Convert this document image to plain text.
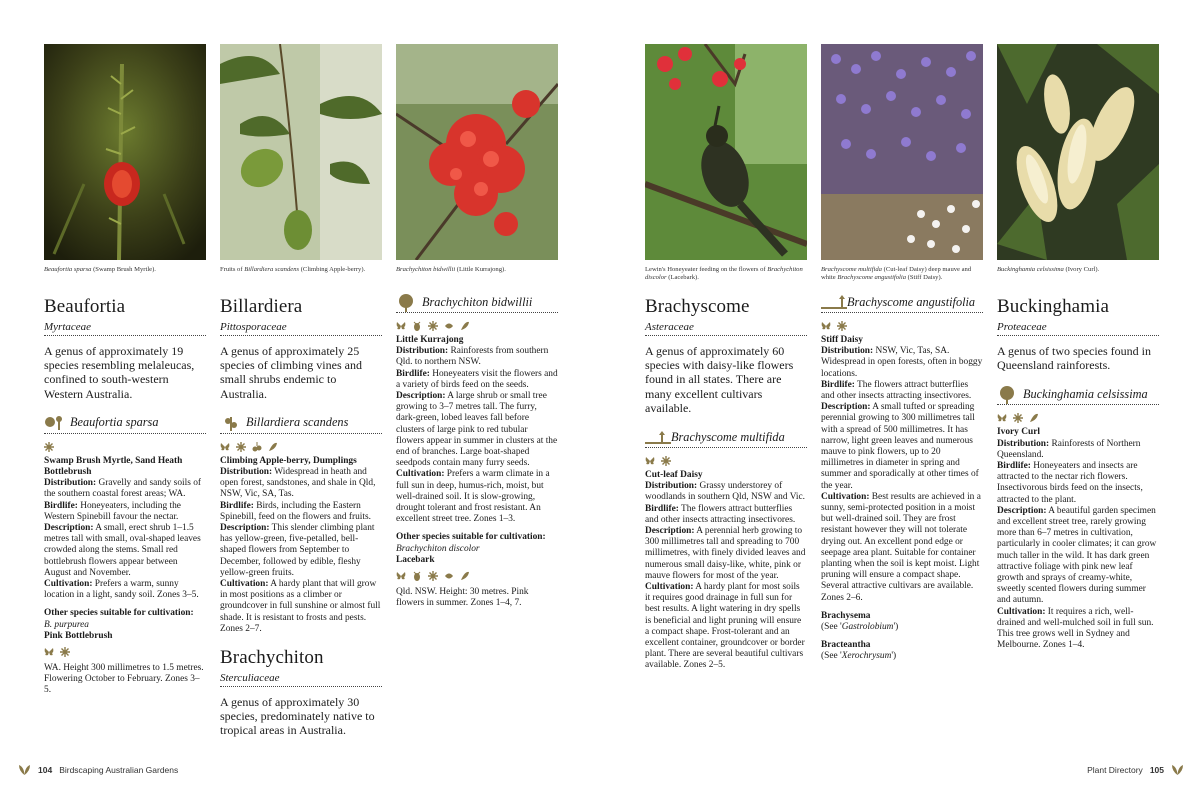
Beaufortia sparsa (Swamp Brush Myrtle).
Beaufortia
Myrtaceae
A genus of approximately 19 species resembling melaleucas, confined to south-western Western Australia.
Beaufortia sparsa

Swamp Brush Myrtle, Sand Heath Bottlebrush

Distribution: Gravelly and sandy soils of the southern coastal forest areas; WA.

Birdlife: Honeyeaters, including the Western Spinebill favour the nectar.

Description: A small, erect shrub 1–1.5 metres tall with small, oval-shaped leaves crowded along the stems. Small red bottlebrush flowers appear between August and November.

Cultivation: Prefers a warm, sunny location in a light, sandy soil. Zones 3–5.

Other species suitable for cultivation:

B. purpurea

Pink Bottlebrush

WA. Height 300 millimetres to 1.5 metres. Flowering October to February. Zones 3–5.

Fruits of Billardiera scandens (Climbing Apple-berry).
Billardiera
Pittosporaceae
A genus of approximately 25 species of climbing vines and small shrubs endemic to Australia.
Billardiera scandens

Climbing Apple-berry, Dumplings

Distribution: Widespread in heath and open forest, sandstones, and shale in Qld, NSW, Vic, SA, Tas.

Birdlife: Birds, including the Eastern Spinebill, feed on the flowers and fruits.

Description: This slender climbing plant has yellow-green, five-petalled, bell-shaped flowers from September to December, followed by edible, fleshy yellow-green fruits.

Cultivation: A hardy plant that will grow in most positions as a climber or groundcover in full sunshine or almost full shade. It is resistant to frosts and pests. Zones 2–7.

Brachychiton
Sterculiaceae
A genus of approximately 30 species, predominately native to tropical areas in Australia.
Brachychiton bidwillii (Little Kurrajong).
Brachychiton bidwillii

Little Kurrajong

Distribution: Rainforests from southern Qld. to northern NSW.

Birdlife: Honeyeaters visit the flowers and a variety of birds feed on the seeds.

Description: A large shrub or small tree growing to 3–7 metres tall. The furry, dark-green, lobed leaves fall before clusters of large pink to red tubular flowers appear in summer in clusters at the end of branches. Large boat-shaped seedpods contain many furry seeds.

Cultivation: Prefers a warm climate in a full sun in deep, humus-rich, moist, but well-drained soil. It is slow-growing, drought tolerant and frost resistant. An excellent street tree. Zones 1–3.

Other species suitable for cultivation:

Brachychiton discolor

Lacebark

Qld. NSW. Height: 30 metres. Pink flowers in summer. Zones 1–4, 7.

104 Birdscaping Australian Gardens
Lewin's Honeyeater feeding on the flowers of Brachychiton discolor (Lacebark).
Brachyscome
Asteraceae
A genus of approximately 60 species with daisy-like flowers found in all states. There are many excellent cultivars available.
Brachyscome multifida

Cut-leaf Daisy

Distribution: Grassy understorey of woodlands in southern Qld, NSW and Vic.

Birdlife: The flowers attract butterflies and other insects attracting insectivores.

Description: A perennial herb growing to 300 millimetres tall and spreading to 700 millimetres, with finely divided leaves and numerous small daisy-like, white, pink or mauve flowers for most of the year.

Cultivation: A hardy plant for most soils it requires good drainage in full sun for best results. A light watering in dry spells is beneficial and light pruning will ensure a compact shape. Frost-tolerant and an excellent container, groundcover or border plant. There are several beautiful cultivars available. Zones 2–5.

Brachyscome multifida (Cut-leaf Daisy) deep mauve and white Brachyscome angustifolia (Stiff Daisy).
Brachyscome angustifolia

Stiff Daisy

Distribution: NSW, Vic, Tas, SA. Widespread in open forests, often in boggy locations.

Birdlife: The flowers attract butterflies and other insects attracting insectivores.

Description: A small tufted or spreading perennial growing to 300 millimetres tall with a spread of 500 millimetres. It has narrow, light green leaves and numerous mauve to pink flowers, up to 20 millimetres in diameter in spring and summer and sporadically at other times of the year.

Cultivation: Best results are achieved in a sunny, semi-protected position in a moist but well-drained soil. They are frost resistant however they will not tolerate drying out. An excellent pond edge or seepage area plant. Suitable for container planting when the soil is kept moist. Light pruning will ensure a compact shape. Several attractive cultivars are available. Zones 2–6.

Brachysema

(See 'Gastrolobium')

Bracteantha

(See 'Xerochrysum')

Buckinghamia celsissima (Ivory Curl).
Buckinghamia
Proteaceae
A genus of two species found in Queensland rainforests.
Buckinghamia celsissima

Ivory Curl

Distribution: Rainforests of Northern Queensland.

Birdlife: Honeyeaters and insects are attracted to the nectar rich flowers. Insectivorous birds feed on the insects, attracted to the plant.

Description: A beautiful garden specimen and excellent street tree, rarely growing more than 6–7 metres in cultivation, particularly in cooler climates; it can grow much taller in the wild. It has dark green attractive foliage with pink new leaf growth and sprays of creamy-white, sweetly scented flowers during summer and autumn.

Cultivation: It requires a rich, well-drained and well-mulched soil in full sun. This tree grows well in Sydney and Melbourne. Zones 1–4.

Plant Directory 105
